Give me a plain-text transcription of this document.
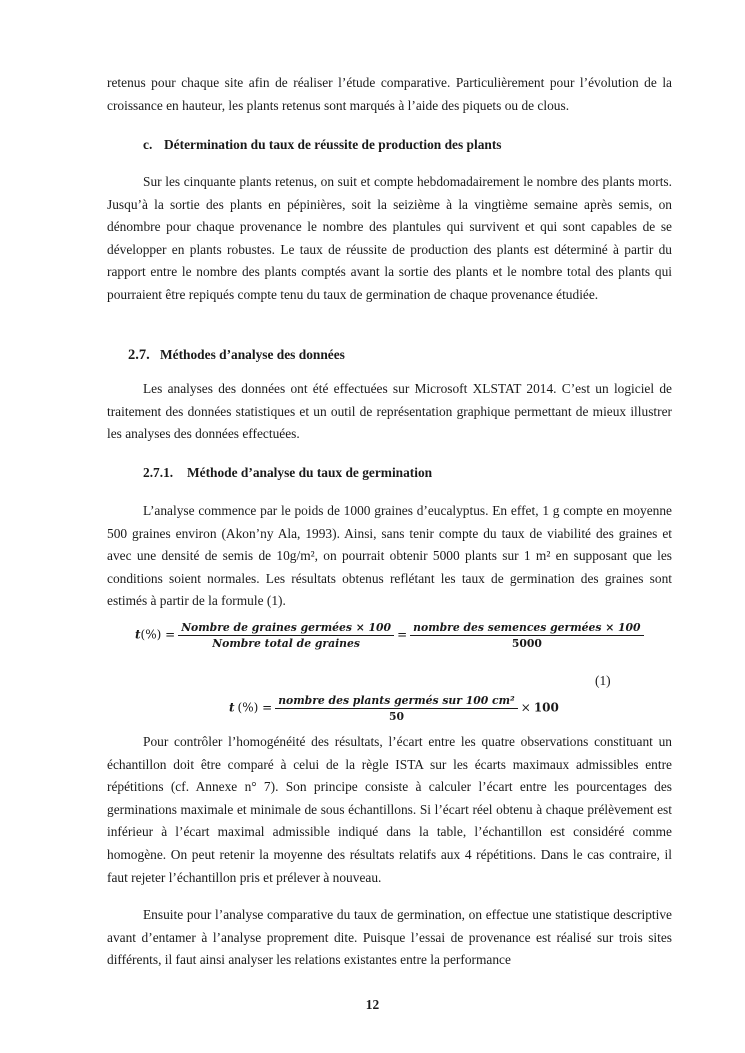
retenus pour chaque site afin de réaliser l’étude comparative. Particulièrement pour l’évolution de la croissance en hauteur, les plants retenus sont marqués à l’aide des piquets ou de clous.

c. Détermination du taux de réussite de production des plants

Sur les cinquante plants retenus, on suit et compte hebdomadairement le nombre des plants morts. Jusqu’à la sortie des plants en pépinières, soit la seizième à la vingtième semaine après semis, on dénombre pour chaque provenance le nombre des plantules qui survivent et qui sont capables de se développer en plants robustes. Le taux de réussite de production des plants est déterminé à partir du rapport entre le nombre des plants comptés avant la sortie des plants et le nombre total des plants qui pourraient être repiqués compte tenu du taux de germination de chaque provenance étudiée.

2.7. Méthodes d’analyse des données

Les analyses des données ont été effectuées sur Microsoft XLSTAT 2014. C’est un logiciel de traitement des données statistiques et un outil de représentation graphique permettant de mieux illustrer les analyses des données effectuées.

2.7.1. Méthode d’analyse du taux de germination

L’analyse commence par le poids de 1000 graines d’eucalyptus. En effet, 1 g compte en moyenne 500 graines environ (Akon’ny Ala, 1993). Ainsi, sans tenir compte du taux de viabilité des graines et avec une densité de semis de 10g/m², on pourrait obtenir 5000 plants sur 1 m² en supposant que les conditions soient normales. Les résultats obtenus reflétant les taux de germination des graines sont estimés à partir de la formule (1).

$t(\%) = \frac{\text{Nombre de graines germées × 100}}{\text{Nombre total de graines}} = \frac{\text{nombre des semences germées × 100}}{5000}$
(1)
t (%) = $\frac{\text{nombre des plants germés sur 100 cm²}}{50} \times 100$

Pour contrôler l’homogénéité des résultats, l’écart entre les quatre observations constituant un échantillon doit être comparé à celui de la règle ISTA sur les écarts maximaux admissibles entre répétitions (cf. Annexe n° 7). Son principe consiste à calculer l’écart entre les pourcentages des germinations maximale et minimale de sous échantillons. Si l’écart réel obtenu à chaque prélèvement est inférieur à l’écart maximal admissible indiqué dans la table, l’échantillon est considéré comme homogène. On peut retenir la moyenne des résultats relatifs aux 4 répétitions. Dans le cas contraire, il faut rejeter l’échantillon pris et prélever à nouveau.

Ensuite pour l’analyse comparative du taux de germination, on effectue une statistique descriptive avant d’entamer à l’analyse proprement dite. Puisque l’essai de provenance est réalisé sur trois sites différents, il faut ainsi analyser les relations existantes entre la performance

12
